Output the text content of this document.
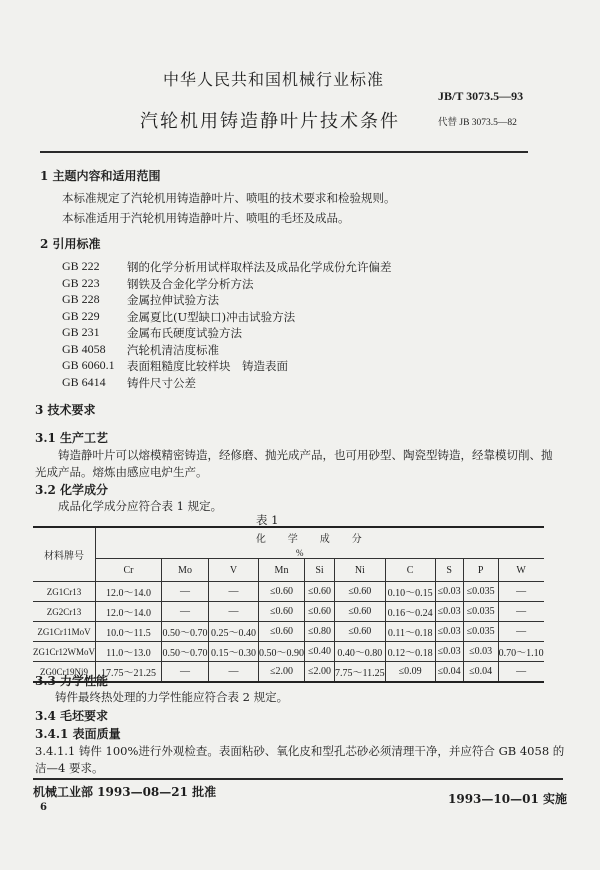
中华人民共和国机械行业标准
汽轮机用铸造静叶片技术条件
JB/T 3073.5—93
代替 JB 3073.5—82
1 主题内容和适用范围
本标准规定了汽轮机用铸造静叶片、喷咀的技术要求和检验规则。
本标准适用于汽轮机用铸造静叶片、喷咀的毛坯及成品。
2 引用标准
GB 222 钢的化学分析用试样取样法及成品化学成份允许偏差
GB 223 钢铁及合金化学分析方法
GB 228 金属拉伸试验方法
GB 229 金属夏比(U型缺口)冲击试验方法
GB 231 金属布氏硬度试验方法
GB 4058 汽轮机清洁度标准
GB 6060.1 表面粗糙度比较样块　铸造表面
GB 6414 铸件尺寸公差
3 技术要求
3.1 生产工艺
铸造静叶片可以熔模精密铸造，经修磨、抛光成产品，也可用砂型、陶瓷型铸造，经靠模切削、抛
光成产品。熔炼由感应电炉生产。
3.2 化学成分
成品化学成分应符合表 1 规定。
表 1
材料牌号	化学成分									
	%									
	Cr	Mo	V	Mn	Si	Ni	C	S	P	W
ZG1Cr13	12.0～14.0	—	—	≤0.60	≤0.60	≤0.60	0.10～0.15	≤0.03	≤0.035	—
ZG2Cr13	12.0～14.0	—	—	≤0.60	≤0.60	≤0.60	0.16～0.24	≤0.03	≤0.035	—
ZG1Cr11MoV	10.0～11.5	0.50～0.70	0.25～0.40	≤0.60	≤0.80	≤0.60	0.11～0.18	≤0.03	≤0.035	—
ZG1Cr12WMoV	11.0～13.0	0.50～0.70	0.15～0.30	0.50～0.90	≤0.40	0.40～0.80	0.12～0.18	≤0.03	≤0.03	0.70～1.10
ZG0Cr19Ni9	17.75～21.25	—	—	≤2.00	≤2.00	7.75～11.25	≤0.09	≤0.04	≤0.04	—
3.3 力学性能
铸件最终热处理的力学性能应符合表 2 规定。
3.4 毛坯要求
3.4.1 表面质量
3.4.1.1 铸件 100%进行外观检查。表面粘砂、氧化皮和型孔芯砂必须清理干净，并应符合 GB 4058 的
洁—4 要求。
机械工业部 1993—08—21 批准	1993—10—01 实施
6
